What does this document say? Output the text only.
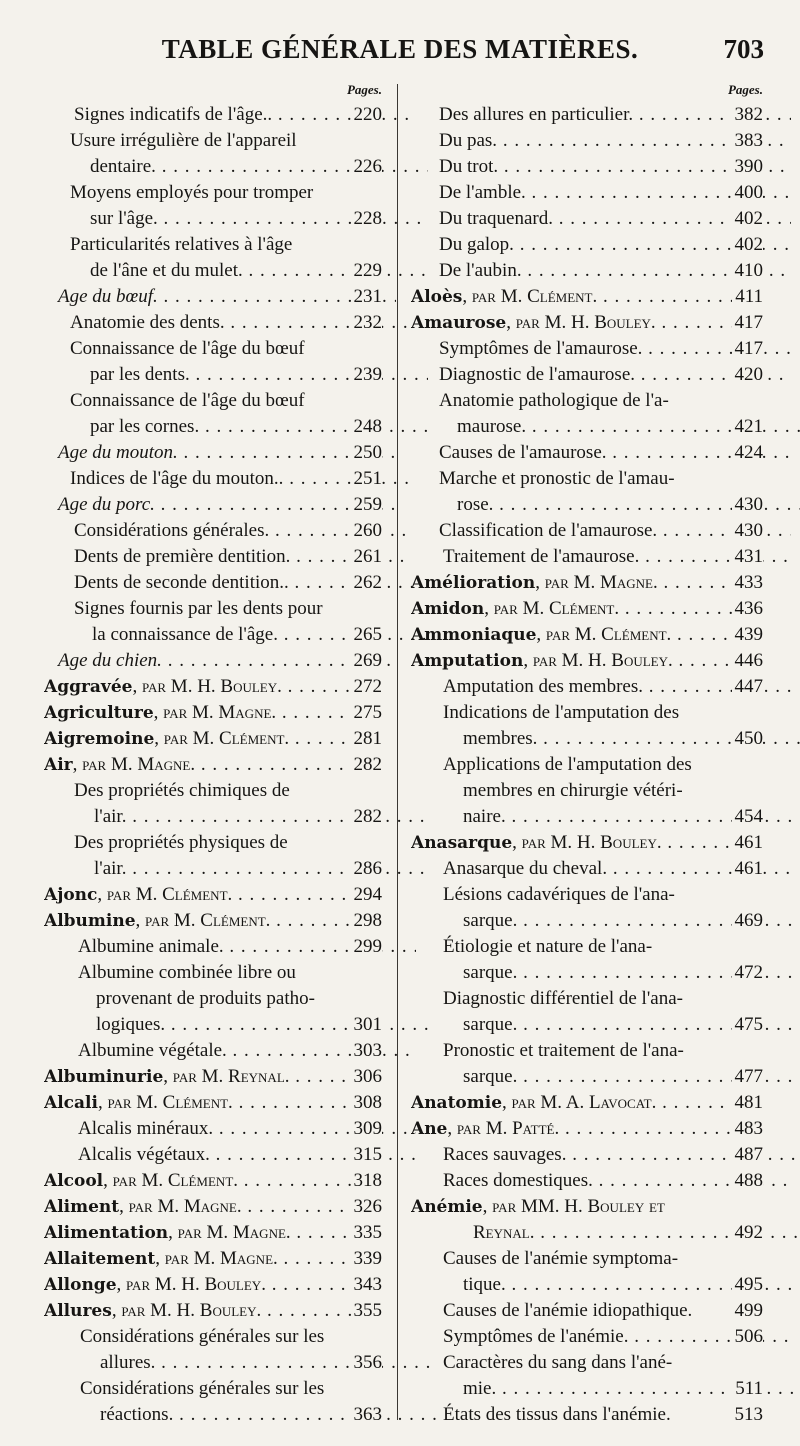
TABLE GÉNÉRALE DES MATIÈRES.	703
Pages.
Signes indicatifs de l'âge.. . . .	220
Usure irrégulière de l'appareil
dentaire. . . .	226
Moyens employés pour tromper
sur l'âge. . . .	228
Particularités relatives à l'âge
de l'âne et du mulet. . . .	229
Age du bœuf. . . .	231
Anatomie des dents. . . .	232
Connaissance de l'âge du bœuf
par les dents. . . .	239
Connaissance de l'âge du bœuf
par les cornes. . . .	248
Age du mouton. . . .	250
Indices de l'âge du mouton.. . . .	251
Age du porc. . . .	259
Considérations générales. . . .	260
Dents de première dentition. . . .	261
Dents de seconde dentition.. . . .	262
Signes fournis par les dents pour
la connaissance de l'âge. . . .	265
Age du chien. . . .	269
Aggravée, par M. H. Bouley. . . .	272
Agriculture, par M. Magne. . . .	275
Aigremoine, par M. Clément. . . .	281
Air, par M. Magne. . . .	282
Des propriétés chimiques de
l'air. . . .	282
Des propriétés physiques de
l'air. . . .	286
Ajonc, par M. Clément. . . .	294
Albumine, par M. Clément. . . .	298
Albumine animale. . . .	299
Albumine combinée libre ou
provenant de produits patho-
logiques. . . .	301
Albumine végétale. . . .	303
Albuminurie, par M. Reynal. . . .	306
Alcali, par M. Clément. . . .	308
Alcalis minéraux. . . .	309
Alcalis végétaux. . . .	315
Alcool, par M. Clément. . . .	318
Aliment, par M. Magne. . . .	326
Alimentation, par M. Magne. . . .	335
Allaitement, par M. Magne. . . .	339
Allonge, par M. H. Bouley. . . .	343
Allures, par M. H. Bouley. . . .	355
Considérations générales sur les
allures. . . .	356
Considérations générales sur les
réactions. . . .	363
Pages.
Des allures en particulier. . . .	382
Du pas. . . .	383
Du trot. . . .	390
De l'amble. . . .	400
Du traquenard. . . .	402
Du galop. . . .	402
De l'aubin. . . .	410
Aloès, par M. Clément. . . .	411
Amaurose, par M. H. Bouley. . . .	417
Symptômes de l'amaurose. . . .	417
Diagnostic de l'amaurose. . . .	420
Anatomie pathologique de l'a-
maurose. . . .	421
Causes de l'amaurose. . . .	424
Marche et pronostic de l'amau-
rose. . . .	430
Classification de l'amaurose. . . .	430
Traitement de l'amaurose. . . .	431
Amélioration, par M. Magne. . . .	433
Amidon, par M. Clément. . . .	436
Ammoniaque, par M. Clément. . . .	439
Amputation, par M. H. Bouley. . . .	446
Amputation des membres. . . .	447
Indications de l'amputation des
membres. . . .	450
Applications de l'amputation des
membres en chirurgie vétéri-
naire. . . .	454
Anasarque, par M. H. Bouley. . . .	461
Anasarque du cheval. . . .	461
Lésions cadavériques de l'ana-
sarque. . . .	469
Étiologie et nature de l'ana-
sarque. . . .	472
Diagnostic différentiel de l'ana-
sarque. . . .	475
Pronostic et traitement de l'ana-
sarque. . . .	477
Anatomie, par M. A. Lavocat. . . .	481
Ane, par M. Patté. . . .	483
Races sauvages. . . .	487
Races domestiques. . . .	488
Anémie, par MM. H. Bouley et
Reynal. . . .	492
Causes de l'anémie symptoma-
tique. . . .	495
Causes de l'anémie idiopathique.	499
Symptômes de l'anémie. . . .	506
Caractères du sang dans l'ané-
mie. . . .	511
États des tissus dans l'anémie.	513
